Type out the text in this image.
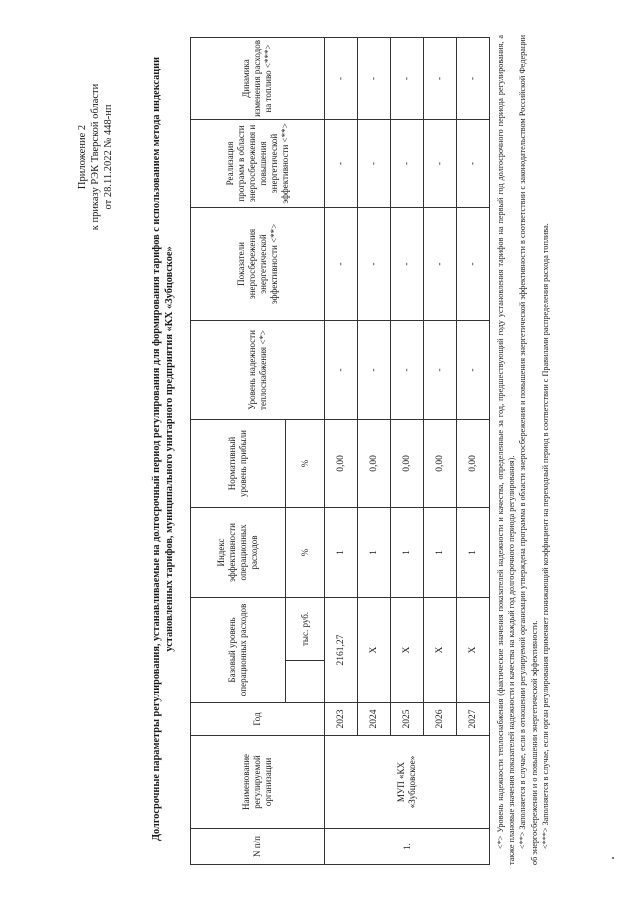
Приложение 2 к приказу РЭК Тверской области от 28.11.2022 № 448-нп	Долгосрочные параметры регулирования, устанавливаемые на долгосрочный период регулирования для формирования тарифов с использованием метода индексации установленных тарифов, муниципального унитарного предприятия «КХ «Зубцовское»
N п/п	Наименование регулируемой организации	Год	Базовый уровень операционных расходов		Индекс эффективности операционных расходов	Нормативный уровень прибыли	Уровень надежности теплоснабжения <*>	Показатели энергосбережения энергетической эффективности <**>	Реализация программ в области энергосбережения и повышения энергетической эффективности <**>	Динамика изменения расходов на топливо <***>
				тыс. руб.	%	%				
1.	МУП «КХ «Зубцовское»	2023	2161,27		1	0,00	-	-	-	-
		2024	X		1	0,00	-	-	-	-
		2025	X		1	0,00	-	-	-	-
		2026	X		1	0,00	-	-	-	-
		2027	X		1	0,00	-	-	-	- <*> Уровень надежности теплоснабжения (фактические значения показателей надежности и качества, определенные за год, предшествующий году установления тарифов на первый год долгосрочного периода регулирования, а также плановые значения показателей надежности и качества на каждый год долгосрочного периода регулирования). <**> Заполняется в случае, если в отношении регулируемой организации утверждена программа в области энергосбережения и повышения энергетической эффективности в соответствии с законодательством Российской Федерации об энергосбережении и о повышении энергетической эффективности. <***> Заполняется в случае, если орган регулирования применяет понижающий коэффициент на переходный период в соответствии с Правилами распределения расхода топлива.
